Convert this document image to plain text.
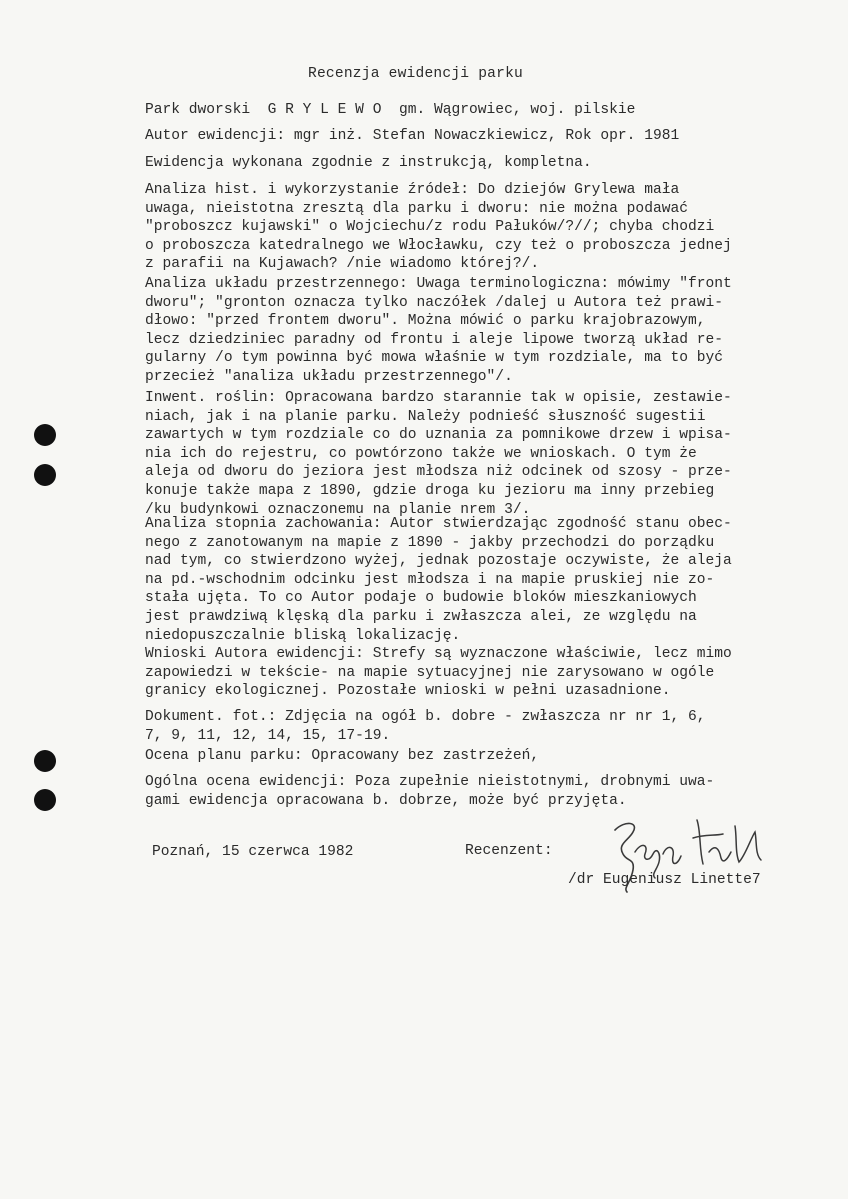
Recenzja ewidencji parku
Park dworski  G R Y L E W O  gm. Wągrowiec, woj. pilskie
Autor ewidencji: mgr inż. Stefan Nowaczkiewicz, Rok opr. 1981
Ewidencja wykonana zgodnie z instrukcją, kompletna.
Analiza hist. i wykorzystanie źródeł: Do dziejów Grylewa mała
uwaga, nieistotna zresztą dla parku i dworu: nie można podawać
"proboszcz kujawski" o Wojciechu/z rodu Pałuków/?//; chyba chodzi
o proboszcza katedralnego we Włocławku, czy też o proboszcza jednej
z parafii na Kujawach? /nie wiadomo której?/.
Analiza układu przestrzennego: Uwaga terminologiczna: mówimy "front
dworu"; "gronton oznacza tylko naczółek /dalej u Autora też prawi-
dłowo: "przed frontem dworu". Można mówić o parku krajobrazowym,
lecz dziedziniec paradny od frontu i aleje lipowe tworzą układ re-
gularny /o tym powinna być mowa właśnie w tym rozdziale, ma to być
przecież "analiza układu przestrzennego"/.
Inwent. roślin: Opracowana bardzo starannie tak w opisie, zestawie-
niach, jak i na planie parku. Należy podnieść słuszność sugestii
zawartych w tym rozdziale co do uznania za pomnikowe drzew i wpisa-
nia ich do rejestru, co powtórzono także we wnioskach. O tym że
aleja od dworu do jeziora jest młodsza niż odcinek od szosy - prze-
konuje także mapa z 1890, gdzie droga ku jezioru ma inny przebieg
/ku budynkowi oznaczonemu na planie nrem 3/.
Analiza stopnia zachowania: Autor stwierdzając zgodność stanu obec-
nego z zanotowanym na mapie z 1890 - jakby przechodzi do porządku
nad tym, co stwierdzono wyżej, jednak pozostaje oczywiste, że aleja
na pd.-wschodnim odcinku jest młodsza i na mapie pruskiej nie zo-
stała ujęta. To co Autor podaje o budowie bloków mieszkaniowych
jest prawdziwą klęską dla parku i zwłaszcza alei, ze względu na
niedopuszczalnie bliską lokalizację.
Wnioski Autora ewidencji: Strefy są wyznaczone właściwie, lecz mimo
zapowiedzi w tekście- na mapie sytuacyjnej nie zarysowano w ogóle
granicy ekologicznej. Pozostałe wnioski w pełni uzasadnione.
Dokument. fot.: Zdjęcia na ogół b. dobre - zwłaszcza nr nr 1, 6,
7, 9, 11, 12, 14, 15, 17-19.
Ocena planu parku: Opracowany bez zastrzeżeń,
Ogólna ocena ewidencji: Poza zupełnie nieistotnymi, drobnymi uwa-
gami ewidencja opracowana b. dobrze, może być przyjęta.
Poznań, 15 czerwca 1982	Recenzent:
/dr Eugeniusz Linette7
